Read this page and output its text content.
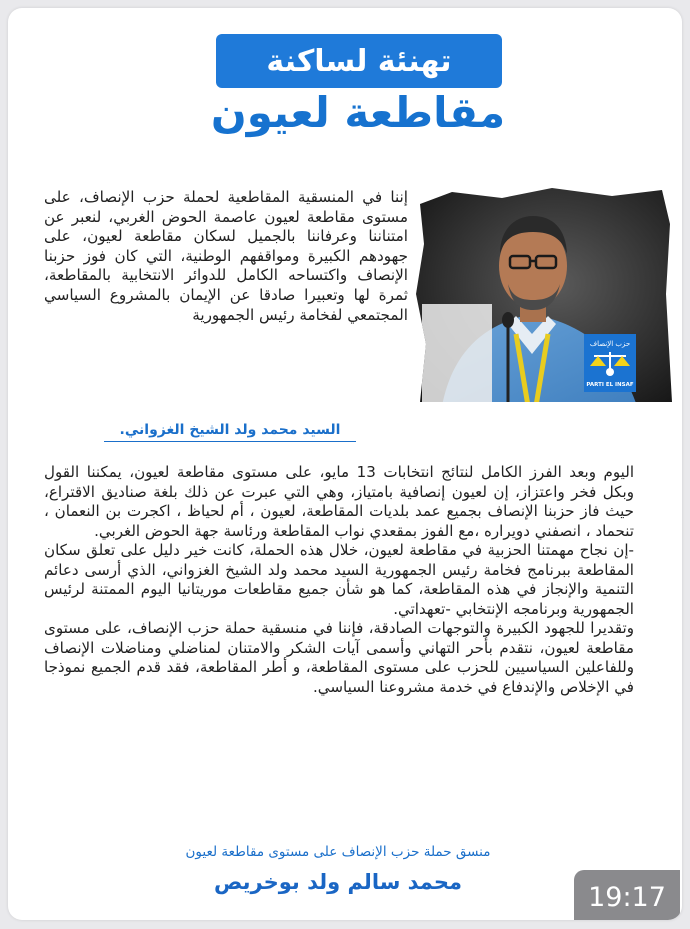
تهنئة لساكنة
مقاطعة لعيون
حزب الإنصاف
PARTI EL INSAF
إننا في المنسقية المقاطعية لحملة حزب الإنصاف، على مستوى مقاطعة لعيون عاصمة الحوض الغربي، لنعبر عن امتناننا وعرفاننا بالجميل لسكان مقاطعة لعيون، على جهودهم الكبيرة ومواقفهم الوطنية، التي كان فوز حزبنا الإنصاف واكتساحه الكامل للدوائر الانتخابية بالمقاطعة، ثمرة لها وتعبيرا صادقا عن الإيمان بالمشروع السياسي المجتمعي لفخامة رئيس الجمهورية
السيد محمد ولد الشيخ الغزواني.

اليوم وبعد الفرز الكامل لنتائج انتخابات 13 مايو، على مستوى مقاطعة لعيون، يمكننا القول وبكل فخر واعتزاز، إن لعيون إنصافية بامتياز، وهي التي عبرت عن ذلك بلغة صناديق الاقتراع، حيث فاز حزبنا الإنصاف بجميع عمد بلديات المقاطعة، لعيون ، أم لحياظ ، اكجرت بن النعمان ، تنحماد ، انصفني دويراره ،مع الفوز بمقعدي نواب المقاطعة ورئاسة جهة الحوض الغربي.

-إن نجاح مهمتنا الحزبية في مقاطعة لعيون، خلال هذه الحملة، كانت خير دليل على تعلق سكان المقاطعة ببرنامج فخامة رئيس الجمهورية السيد محمد ولد الشيخ الغزواني، الذي أرسى دعائم التنمية والإنجاز في هذه المقاطعة، كما هو شأن جميع مقاطعات موريتانيا اليوم الممتنة لرئيس الجمهورية وبرنامجه الإنتخابي -تعهداتي.

وتقديرا للجهود الكبيرة والتوجهات الصادقة، فإننا في منسقية حملة حزب الإنصاف، على مستوى مقاطعة لعيون، نتقدم بأحر التهاني وأسمى آيات الشكر والامتنان لمناضلي ومناضلات الإنصاف وللفاعلين السياسيين للحزب على مستوى المقاطعة، و أطر المقاطعة، فقد قدم الجميع نموذجا في الإخلاص والإندفاع في خدمة مشروعنا السياسي.

منسق حملة حزب الإنصاف على مستوى مقاطعة لعيون
محمد سالم ولد بوخريص	19:17
